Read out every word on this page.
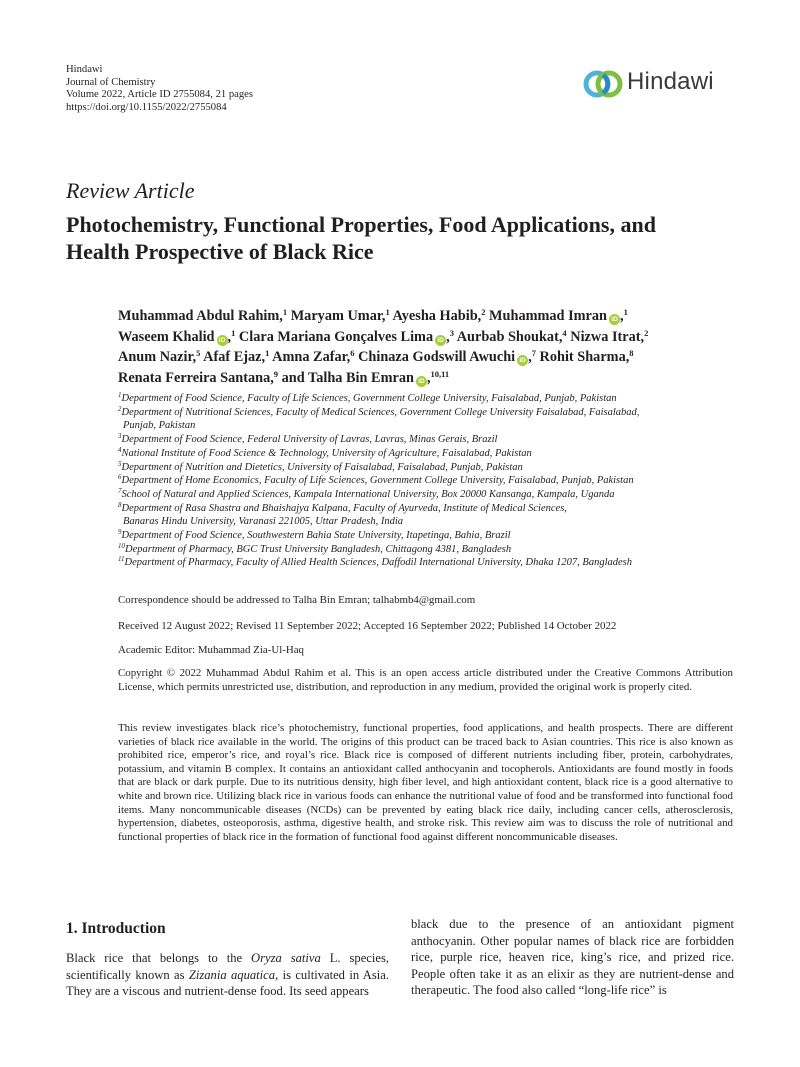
Hindawi
Journal of Chemistry
Volume 2022, Article ID 2755084, 21 pages
https://doi.org/10.1155/2022/2755084
Hindawi
Review Article
Photochemistry, Functional Properties, Food Applications, and
Health Prospective of Black Rice
Muhammad Abdul Rahim,$^1$ Maryam Umar,$^1$ Ayesha Habib,$^2$ Muhammad Imran iD ,$^1$
Waseem Khalid iD ,$^1$ Clara Mariana Gonçalves Lima iD ,$^3$ Aurbab Shoukat,$^4$ Nizwa Itrat,$^2$
Anum Nazir,$^5$ Afaf Ejaz,$^1$ Amna Zafar,$^6$ Chinaza Godswill Awuchi iD ,$^7$ Rohit Sharma,$^8$
Renata Ferreira Santana,$^9$ and Talha Bin Emran iD ,$^{10,11}$
$^1$Department of Food Science, Faculty of Life Sciences, Government College University, Faisalabad, Punjab, Pakistan
$^2$Department of Nutritional Sciences, Faculty of Medical Sciences, Government College University Faisalabad, Faisalabad,
Punjab, Pakistan
$^3$Department of Food Science, Federal University of Lavras, Lavras, Minas Gerais, Brazil
$^4$National Institute of Food Science & Technology, University of Agriculture, Faisalabad, Pakistan
$^5$Department of Nutrition and Dietetics, University of Faisalabad, Faisalabad, Punjab, Pakistan
$^6$Department of Home Economics, Faculty of Life Sciences, Government College University, Faisalabad, Punjab, Pakistan
$^7$School of Natural and Applied Sciences, Kampala International University, Box 20000 Kansanga, Kampala, Uganda
$^8$Department of Rasa Shastra and Bhaishajya Kalpana, Faculty of Ayurveda, Institute of Medical Sciences,
Banaras Hindu University, Varanasi 221005, Uttar Pradesh, India
$^9$Department of Food Science, Southwestern Bahia State University, Itapetinga, Bahia, Brazil
$^{10}$Department of Pharmacy, BGC Trust University Bangladesh, Chittagong 4381, Bangladesh
$^{11}$Department of Pharmacy, Faculty of Allied Health Sciences, Daffodil International University, Dhaka 1207, Bangladesh
Correspondence should be addressed to Talha Bin Emran; talhabmb4@gmail.com
Received 12 August 2022; Revised 11 September 2022; Accepted 16 September 2022; Published 14 October 2022
Academic Editor: Muhammad Zia-Ul-Haq
Copyright © 2022 Muhammad Abdul Rahim et al. This is an open access article distributed under the Creative Commons Attribution License, which permits unrestricted use, distribution, and reproduction in any medium, provided the original work is properly cited.
This review investigates black rice’s photochemistry, functional properties, food applications, and health prospects. There are different varieties of black rice available in the world. The origins of this product can be traced back to Asian countries. This rice is also known as prohibited rice, emperor’s rice, and royal’s rice. Black rice is composed of different nutrients including fiber, protein, carbohydrates, potassium, and vitamin B complex. It contains an antioxidant called anthocyanin and tocopherols. Antioxidants are found mostly in foods that are black or dark purple. Due to its nutritious density, high fiber level, and high antioxidant content, black rice is a good alternative to white and brown rice. Utilizing black rice in various foods can enhance the nutritional value of food and be transformed into functional food items. Many noncommunicable diseases (NCDs) can be prevented by eating black rice daily, including cancer cells, atherosclerosis, hypertension, diabetes, osteoporosis, asthma, digestive health, and stroke risk. This review aim was to discuss the role of nutritional and functional properties of black rice in the formation of functional food against different noncommunicable diseases.
1. Introduction
Black rice that belongs to the Oryza sativa L. species, scientifically known as Zizania aquatica, is cultivated in Asia. They are a viscous and nutrient-dense food. Its seed appears
black due to the presence of an antioxidant pigment anthocyanin. Other popular names of black rice are forbidden rice, purple rice, heaven rice, king’s rice, and prized rice. People often take it as an elixir as they are nutrient-dense and therapeutic. The food also called “long-life rice” is
